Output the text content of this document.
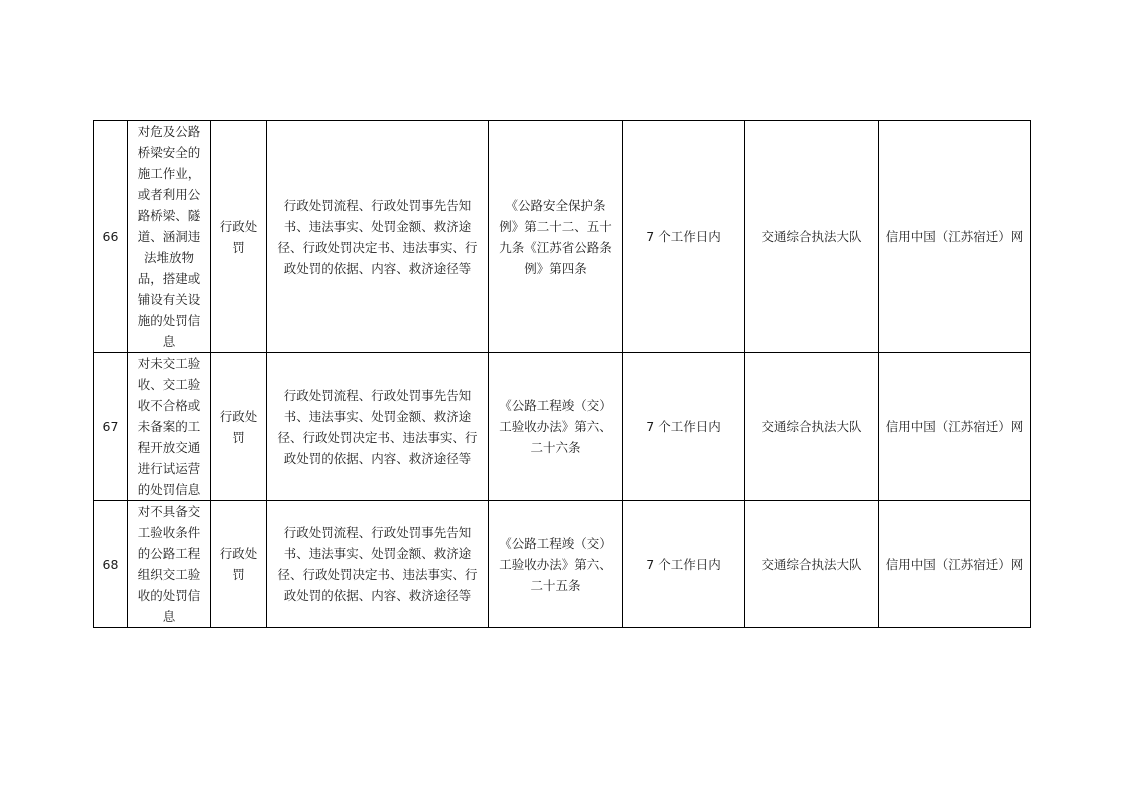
66	对危及公路桥梁安全的施工作业，或者利用公路桥梁、隧道、涵洞违法堆放物品，搭建或铺设有关设施的处罚信息	行政处罚	行政处罚流程、行政处罚事先告知书、违法事实、处罚金额、救济途径、行政处罚决定书、违法事实、行政处罚的依据、内容、救济途径等	《公路安全保护条例》第二十二、五十九条《江苏省公路条例》第四条	7 个工作日内	交通综合执法大队	信用中国（江苏宿迁）网
67	对未交工验收、交工验收不合格或未备案的工程开放交通进行试运营的处罚信息	行政处罚	行政处罚流程、行政处罚事先告知书、违法事实、处罚金额、救济途径、行政处罚决定书、违法事实、行政处罚的依据、内容、救济途径等	《公路工程竣（交）工验收办法》第六、二十六条	7 个工作日内	交通综合执法大队	信用中国（江苏宿迁）网
68	对不具备交工验收条件的公路工程组织交工验收的处罚信息	行政处罚	行政处罚流程、行政处罚事先告知书、违法事实、处罚金额、救济途径、行政处罚决定书、违法事实、行政处罚的依据、内容、救济途径等	《公路工程竣（交）工验收办法》第六、二十五条	7 个工作日内	交通综合执法大队	信用中国（江苏宿迁）网
